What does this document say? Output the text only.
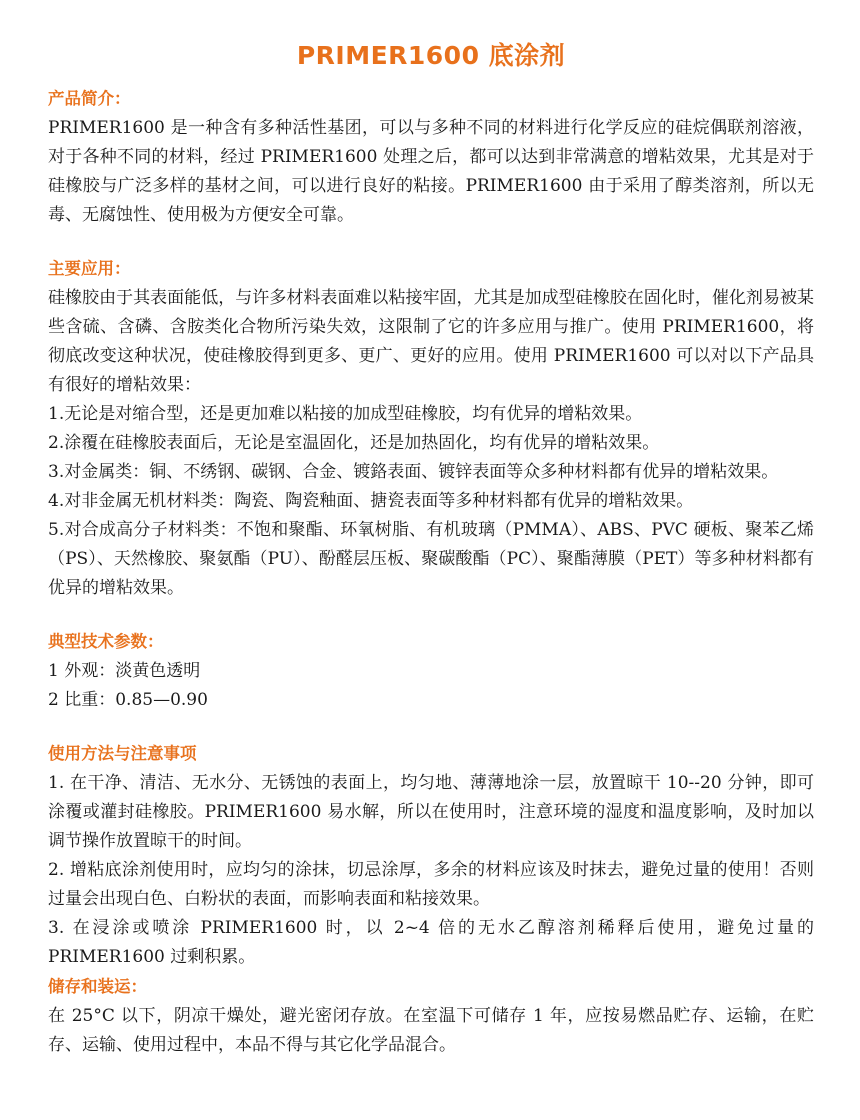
PRIMER1600 底涂剂
产品简介：

PRIMER1600 是一种含有多种活性基团，可以与多种不同的材料进行化学反应的硅烷偶联剂溶液，对于各种不同的材料，经过 PRIMER1600 处理之后，都可以达到非常满意的增粘效果，尤其是对于硅橡胶与广泛多样的基材之间，可以进行良好的粘接。PRIMER1600 由于采用了醇类溶剂，所以无毒、无腐蚀性、使用极为方便安全可靠。

主要应用：

硅橡胶由于其表面能低，与许多材料表面难以粘接牢固，尤其是加成型硅橡胶在固化时，催化剂易被某些含硫、含磷、含胺类化合物所污染失效，这限制了它的许多应用与推广。使用 PRIMER1600，将彻底改变这种状况，使硅橡胶得到更多、更广、更好的应用。使用 PRIMER1600 可以对以下产品具有很好的增粘效果：

1.无论是对缩合型，还是更加难以粘接的加成型硅橡胶，均有优异的增粘效果。

2.涂覆在硅橡胶表面后，无论是室温固化，还是加热固化，均有优异的增粘效果。

3.对金属类：铜、不绣钢、碳钢、合金、镀鉻表面、镀锌表面等众多种材料都有优异的增粘效果。

4.对非金属无机材料类：陶瓷、陶瓷釉面、搪瓷表面等多种材料都有优异的增粘效果。

5.对合成高分子材料类：不饱和聚酯、环氧树脂、有机玻璃（PMMA）、ABS、PVC 硬板、聚苯乙烯（PS）、天然橡胶、聚氨酯（PU）、酚醛层压板、聚碳酸酯（PC）、聚酯薄膜（PET）等多种材料都有优异的增粘效果。

典型技术参数：

1 外观：淡黄色透明

2 比重：0.85—0.90

使用方法与注意事项

1. 在干净、清洁、无水分、无锈蚀的表面上，均匀地、薄薄地涂一层，放置晾干 10--20 分钟，即可涂覆或灌封硅橡胶。PRIMER1600 易水解，所以在使用时，注意环境的湿度和温度影响，及时加以调节操作放置晾干的时间。

2. 增粘底涂剂使用时，应均匀的涂抹，切忌涂厚，多余的材料应该及时抹去，避免过量的使用！否则过量会出现白色、白粉状的表面，而影响表面和粘接效果。

3. 在浸涂或喷涂 PRIMER1600 时，以 2~4 倍的无水乙醇溶剂稀释后使用，避免过量的 PRIMER1600 过剩积累。

储存和装运：

在 25°C 以下，阴凉干燥处，避光密闭存放。在室温下可储存 1 年，应按易燃品贮存、运输，在贮存、运输、使用过程中，本品不得与其它化学品混合。
